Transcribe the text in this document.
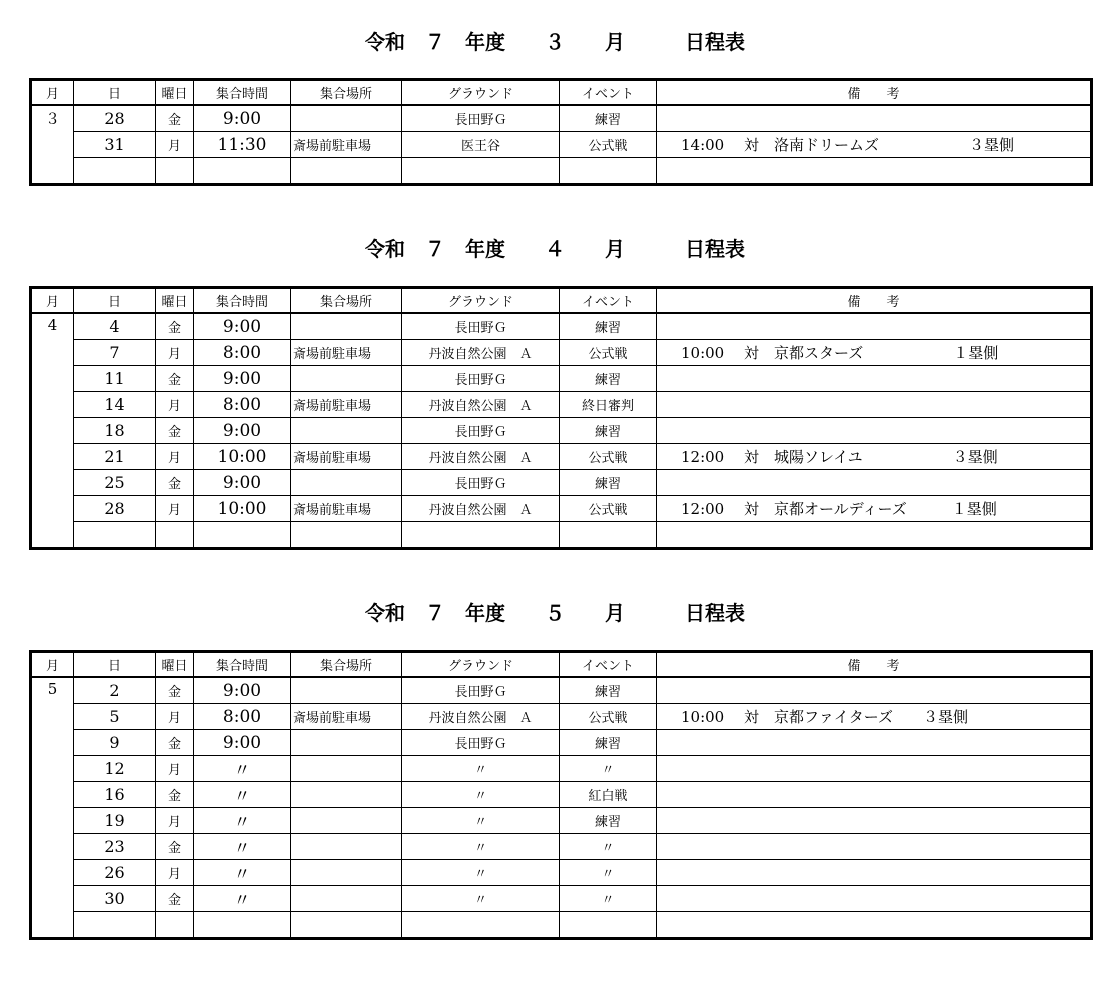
令和　７　年度　　３　　月　　　日程表
月	日	曜日	集合時間	集合場所	グラウンド	イベント	備　　考
３	28	金	9:00		長田野Ｇ	練習	
	31	月	11:30	斎場前駐車場	医王谷	公式戦	14:00　 対　洛南ドリームズ　　　　　　３塁側

令和　７　年度　　４　　月　　　日程表
月	日	曜日	集合時間	集合場所	グラウンド	イベント	備　　考
4	4	金	9:00		長田野Ｇ	練習	
	7	月	8:00	斎場前駐車場	丹波自然公園　Ａ	公式戦	10:00　 対　京都スターズ　　　　　　１塁側
	11	金	9:00		長田野Ｇ	練習	
	14	月	8:00	斎場前駐車場	丹波自然公園　Ａ	終日審判	
	18	金	9:00		長田野Ｇ	練習	
	21	月	10:00	斎場前駐車場	丹波自然公園　Ａ	公式戦	12:00　 対　城陽ソレイユ　　　　　　３塁側
	25	金	9:00		長田野Ｇ	練習	
	28	月	10:00	斎場前駐車場	丹波自然公園　Ａ	公式戦	12:00　 対　京都オールディーズ　　　１塁側

令和　７　年度　　５　　月　　　日程表
月	日	曜日	集合時間	集合場所	グラウンド	イベント	備　　考
5	2	金	9:00		長田野Ｇ	練習	
	5	月	8:00	斎場前駐車場	丹波自然公園　Ａ	公式戦	10:00　 対　京都ファイターズ　　３塁側
	9	金	9:00		長田野Ｇ	練習	
	12	月	〃		〃	〃	
	16	金	〃		〃	紅白戦	
	19	月	〃		〃	練習	
	23	金	〃		〃	〃	
	26	月	〃		〃	〃	
	30	金	〃		〃	〃	
